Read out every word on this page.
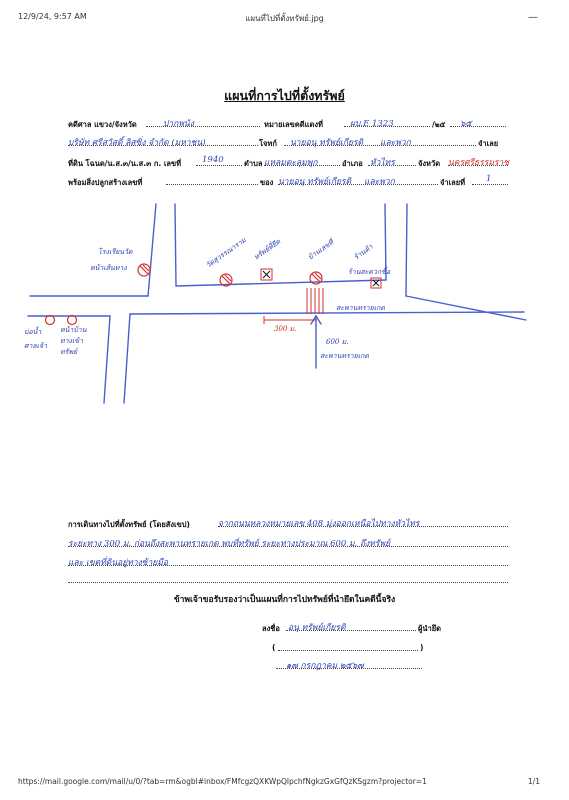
12/9/24, 9:57 AM	แผนที่ไปที่ตั้งทรัพย์.jpg	—
แผนที่การไปที่ตั้งทรัพย์
คดีศาล แขวง/จังหวัด	ปากพนัง	หมายเลขคดีแดงที่	ผบ.E 1323	/๒๕ ๖๕
บริษัท ศรีสวัสดิ์ ลิสซิ่ง จำกัด (มหาชน)	โจทก์ นายอนุ ทรัพย์เกียรติ และพวก	จำเลย
ที่ดิน โฉนด/น.ส.๓/น.ส.๓ ก. เลขที่ 1940	ตำบล แหลมตะลุมพุก	อำเภอ หัวไทร	จังหวัด นครศรีธรรมราช
พร้อมสิ่งปลูกสร้างเลขที่	ของ นายอนุ ทรัพย์เกียรติ และพวก	จำเลยที่ 1
โรงเรียนวัด
หน้าเส้นทาง	วัดสุวรรณาราม ทรัพย์ที่ยึด	บ้านเลขที่ ร้านค้า
ร้านสะดวกซื้อ
สะพานทรายเกด
300 ม.
600 ม.
สะพานทรายเกด
บ่อน้ำ
ศาลเจ้า
หน้าบ้าน
ทางเข้า
ทรัพย์
การเดินทางไปที่ตั้งทรัพย์ (โดยสังเขป)	จากถนนหลวงหมายเลข 408 มุ่งออกเหนือไปทางหัวไทร
ระยะทาง 300 ม. ก่อนถึงสะพานทรายเกด พบที่ทรัพย์ ระยะทางประมาณ 600 ม. ถึงทรัพย์
และ เขตที่ดินอยู่ทางซ้ายมือ
ข้าพเจ้าขอรับรองว่าเป็นแผนที่การไปทรัพย์ที่นำยึดในคดีนี้จริง
ลงชื่อ อนุ ทรัพย์เกียรติ	ผู้นำยึด
(	)
๑๗ กรกฎาคม ๒๕๖๗
https://mail.google.com/mail/u/0/?tab=rm&ogbl#inbox/FMfcgzQXKWpQlpchfNgkzGxGfQzKSgzm?projector=1	1/1
